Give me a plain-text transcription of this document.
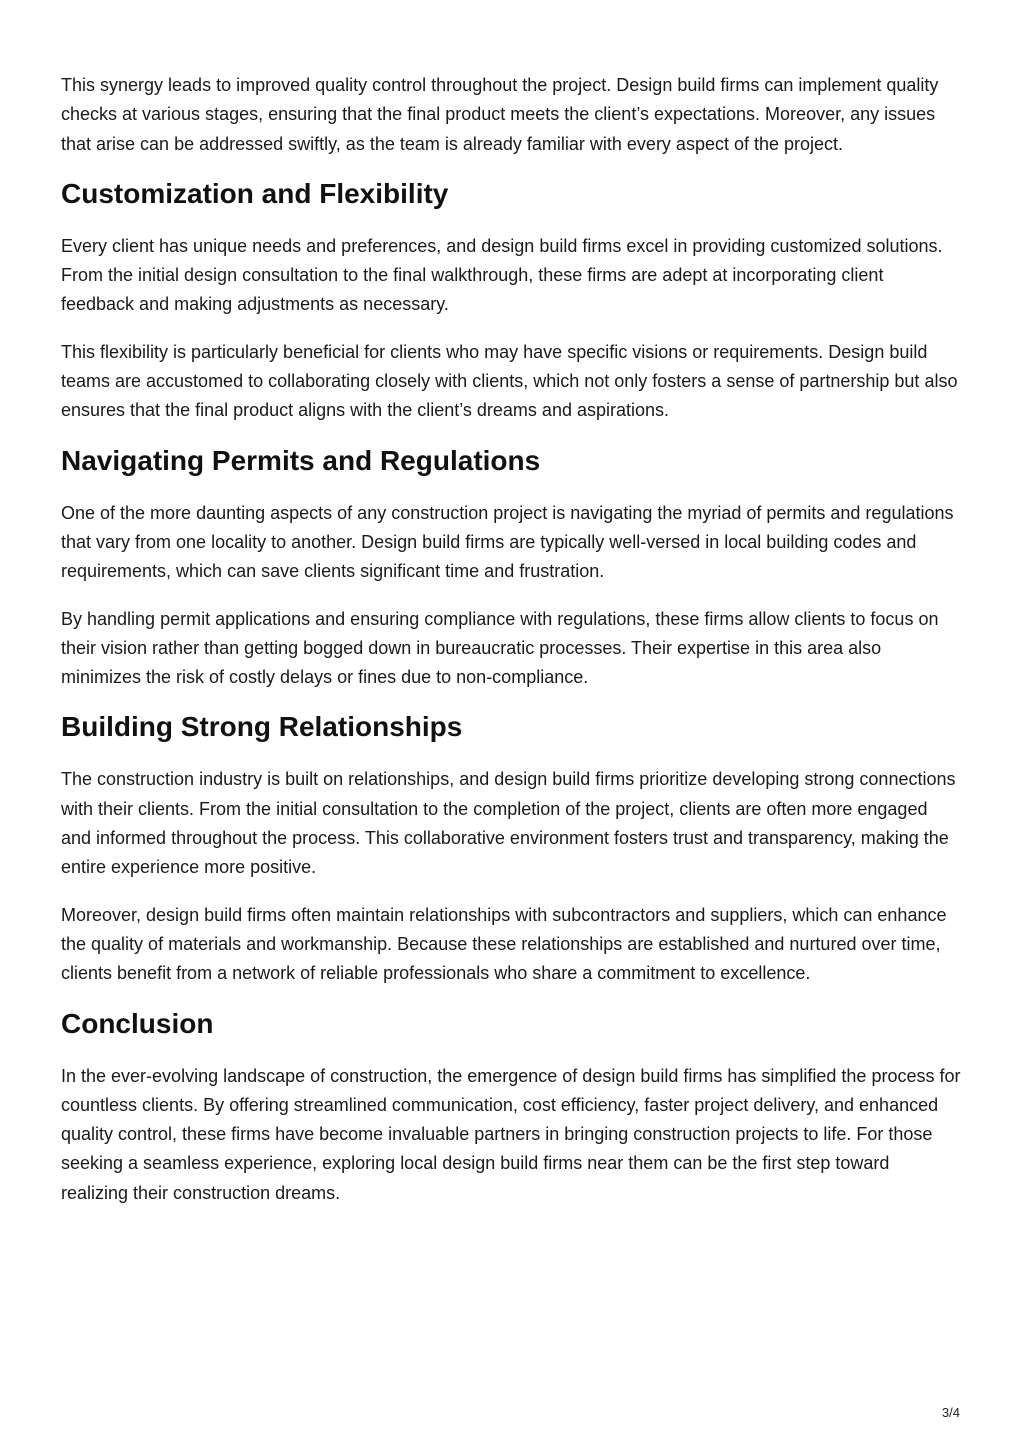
This synergy leads to improved quality control throughout the project. Design build firms can implement quality checks at various stages, ensuring that the final product meets the client’s expectations. Moreover, any issues that arise can be addressed swiftly, as the team is already familiar with every aspect of the project.

Customization and Flexibility

Every client has unique needs and preferences, and design build firms excel in providing customized solutions. From the initial design consultation to the final walkthrough, these firms are adept at incorporating client feedback and making adjustments as necessary.

This flexibility is particularly beneficial for clients who may have specific visions or requirements. Design build teams are accustomed to collaborating closely with clients, which not only fosters a sense of partnership but also ensures that the final product aligns with the client’s dreams and aspirations.

Navigating Permits and Regulations

One of the more daunting aspects of any construction project is navigating the myriad of permits and regulations that vary from one locality to another. Design build firms are typically well-versed in local building codes and requirements, which can save clients significant time and frustration.

By handling permit applications and ensuring compliance with regulations, these firms allow clients to focus on their vision rather than getting bogged down in bureaucratic processes. Their expertise in this area also minimizes the risk of costly delays or fines due to non-compliance.

Building Strong Relationships

The construction industry is built on relationships, and design build firms prioritize developing strong connections with their clients. From the initial consultation to the completion of the project, clients are often more engaged and informed throughout the process. This collaborative environment fosters trust and transparency, making the entire experience more positive.

Moreover, design build firms often maintain relationships with subcontractors and suppliers, which can enhance the quality of materials and workmanship. Because these relationships are established and nurtured over time, clients benefit from a network of reliable professionals who share a commitment to excellence.

Conclusion

In the ever-evolving landscape of construction, the emergence of design build firms has simplified the process for countless clients. By offering streamlined communication, cost efficiency, faster project delivery, and enhanced quality control, these firms have become invaluable partners in bringing construction projects to life. For those seeking a seamless experience, exploring local design build firms near them can be the first step toward realizing their construction dreams.

3/4
